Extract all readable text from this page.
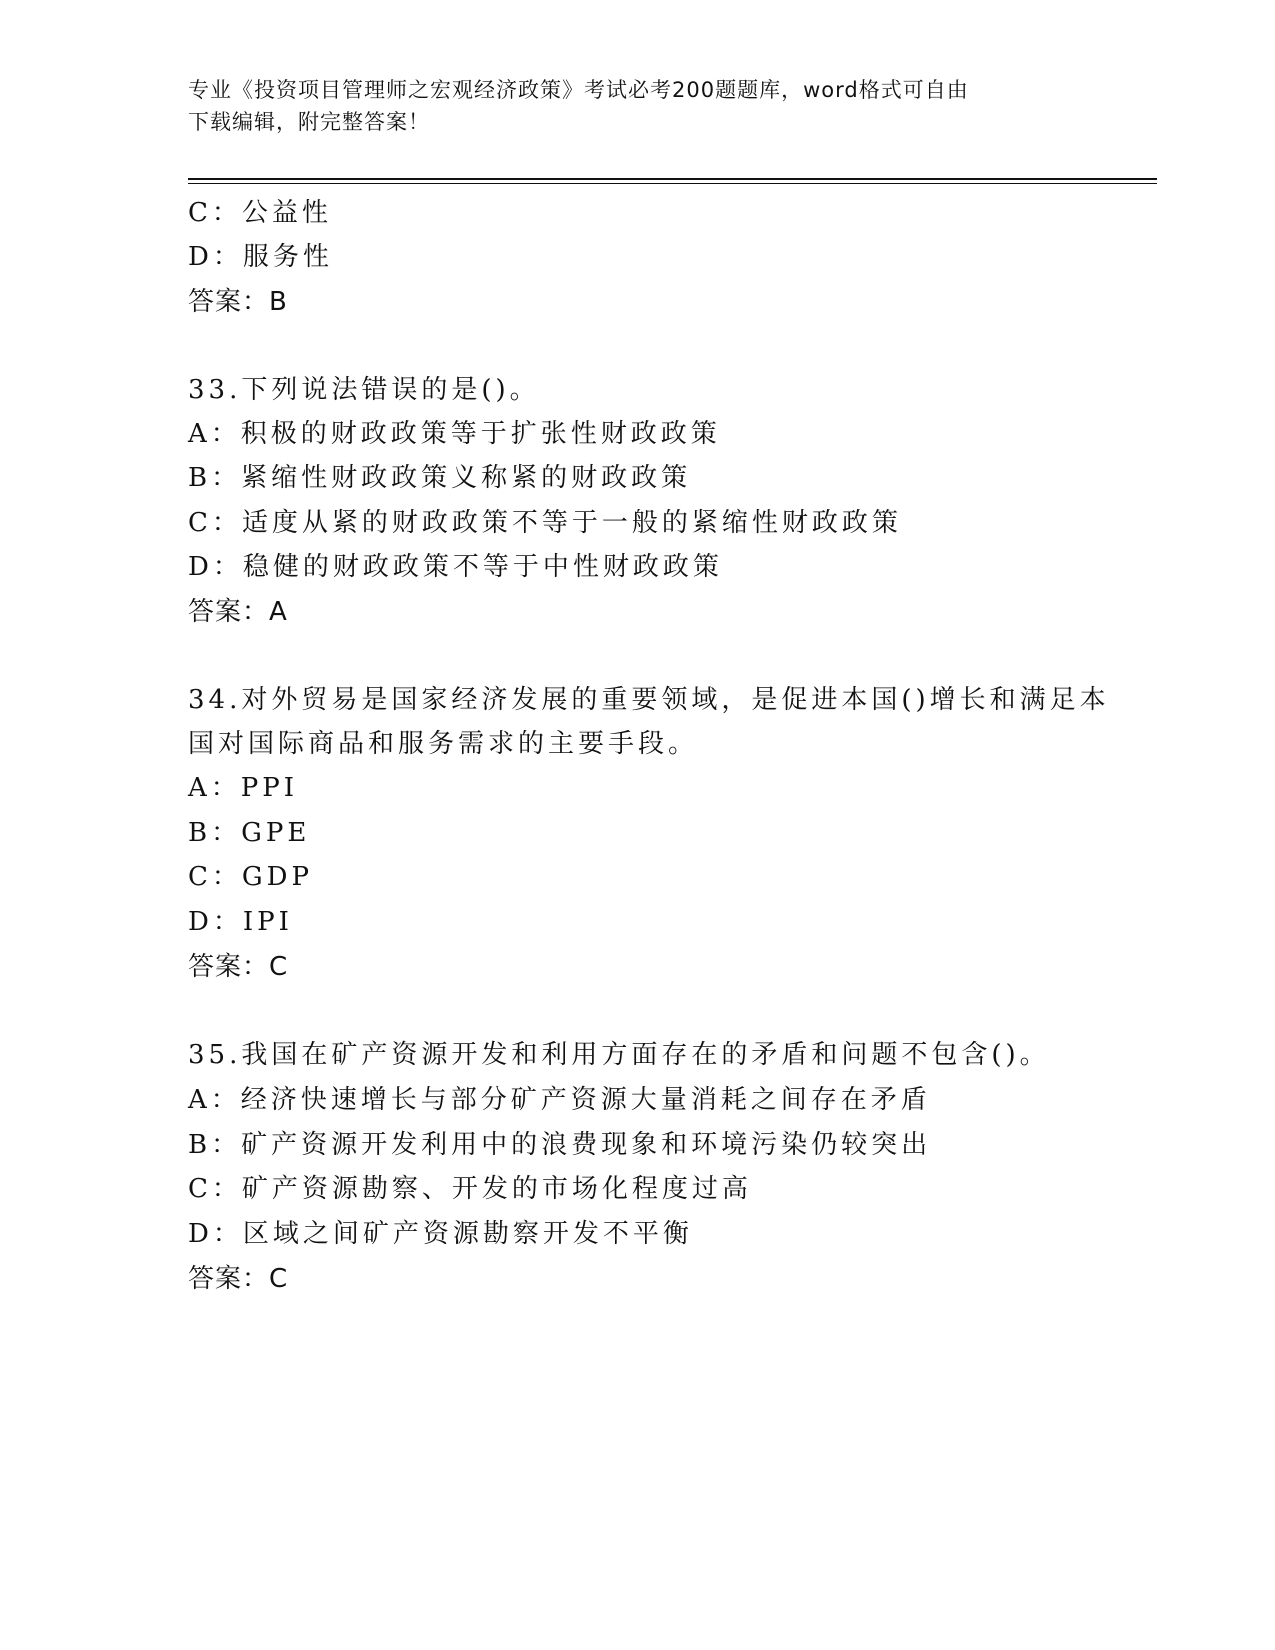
专业《投资项目管理师之宏观经济政策》考试必考200题题库，word格式可自由
下载编辑，附完整答案！
C：公益性
D：服务性
答案：B
33.下列说法错误的是()。
A：积极的财政政策等于扩张性财政政策
B：紧缩性财政政策义称紧的财政政策
C：适度从紧的财政政策不等于一般的紧缩性财政政策
D：稳健的财政政策不等于中性财政政策
答案：A
34.对外贸易是国家经济发展的重要领域，是促进本国()增长和满足本
国对国际商品和服务需求的主要手段。
A：PPI
B：GPE
C：GDP
D：IPI
答案：C
35.我国在矿产资源开发和利用方面存在的矛盾和问题不包含()。
A：经济快速增长与部分矿产资源大量消耗之间存在矛盾
B：矿产资源开发利用中的浪费现象和环境污染仍较突出
C：矿产资源勘察、开发的市场化程度过高
D：区域之间矿产资源勘察开发不平衡
答案：C
